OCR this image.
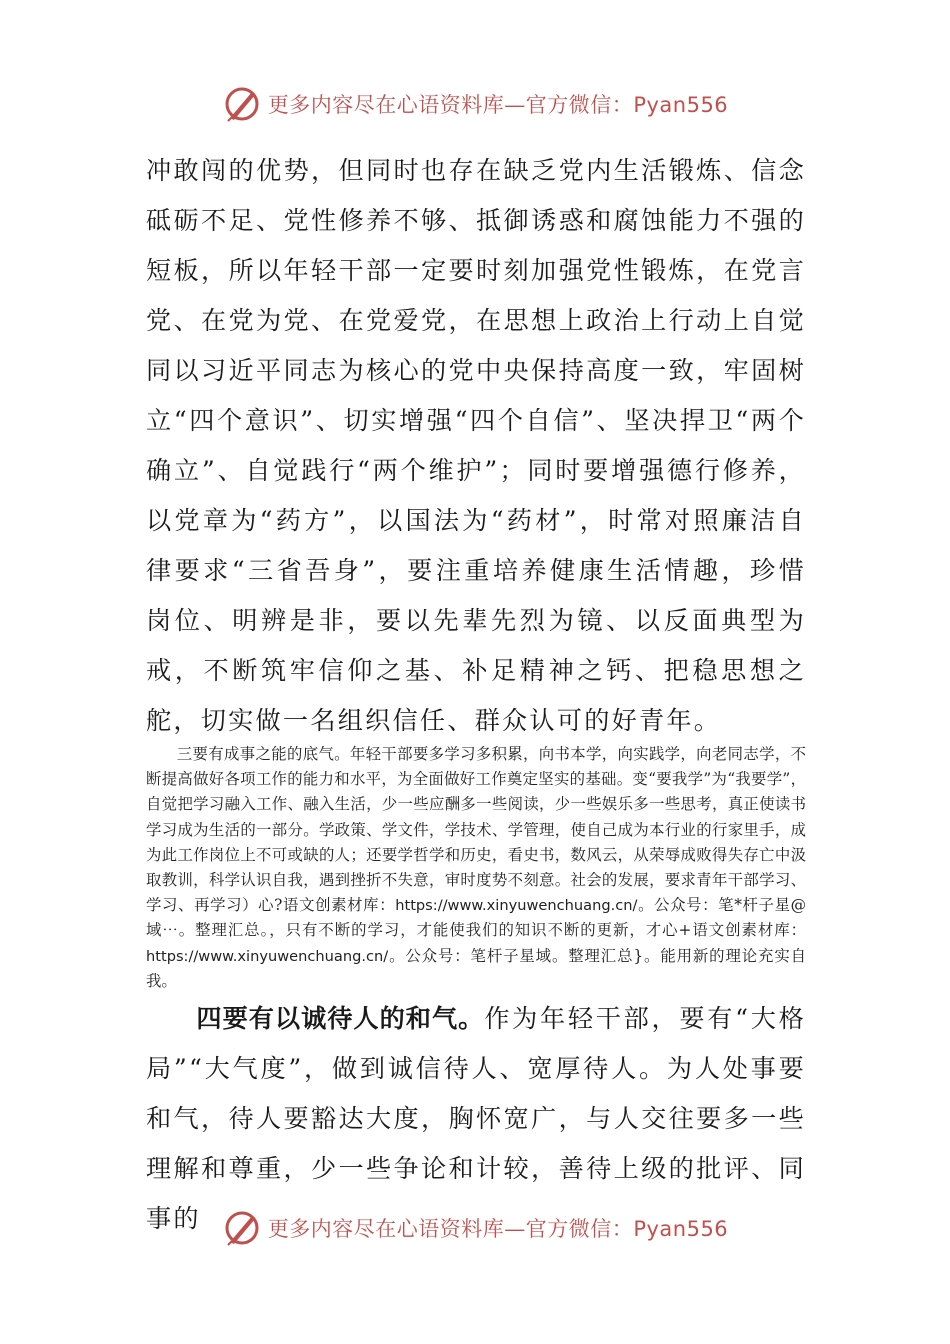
更多内容尽在心语资料库—官方微信：Pyan556
冲敢闯的优势，但同时也存在缺乏党内生活锻炼、信念砥砺不足、党性修养不够、抵御诱惑和腐蚀能力不强的短板，所以年轻干部一定要时刻加强党性锻炼，在党言党、在党为党、在党爱党，在思想上政治上行动上自觉同以习近平同志为核心的党中央保持高度一致，牢固树立“四个意识”、切实增强“四个自信”、坚决捍卫“两个确立”、自觉践行“两个维护”；同时要增强德行修养，以党章为“药方”，以国法为“药材”，时常对照廉洁自律要求“三省吾身”，要注重培养健康生活情趣，珍惜岗位、明辨是非，要以先辈先烈为镜、以反面典型为戒，不断筑牢信仰之基、补足精神之钙、把稳思想之舵，切实做一名组织信任、群众认可的好青年。
三要有成事之能的底气。年轻干部要多学习多积累，向书本学，向实践学，向老同志学，不断提高做好各项工作的能力和水平，为全面做好工作奠定坚实的基础。变“要我学”为“我要学”，自觉把学习融入工作、融入生活，少一些应酬多一些阅读，少一些娱乐多一些思考，真正使读书学习成为生活的一部分。学政策、学文件，学技术、学管理，使自己成为本行业的行家里手，成为此工作岗位上不可或缺的人；还要学哲学和历史，看史书，数风云，从荣辱成败得失存亡中汲取教训，科学认识自我，遇到挫折不失意，审时度势不刻意。社会的发展，要求青年干部学习、学习、再学习）心?语文创素材库：https://www.xinyuwenchuang.cn/。公众号：笔*杆子星@域⋯。整理汇总。，只有不断的学习，才能使我们的知识不断的更新，才心+语文创素材库：https://www.xinyuwenchuang.cn/。公众号：笔杆子星域。整理汇总}。能用新的理论充实自我。
四要有以诚待人的和气。作为年轻干部，要有“大格局”“大气度”，做到诚信待人、宽厚待人。为人处事要和气，待人要豁达大度，胸怀宽广，与人交往要多一些理解和尊重，少一些争论和计较，善待上级的批评、同事的	更多内容尽在心语资料库—官方微信：Pyan556
